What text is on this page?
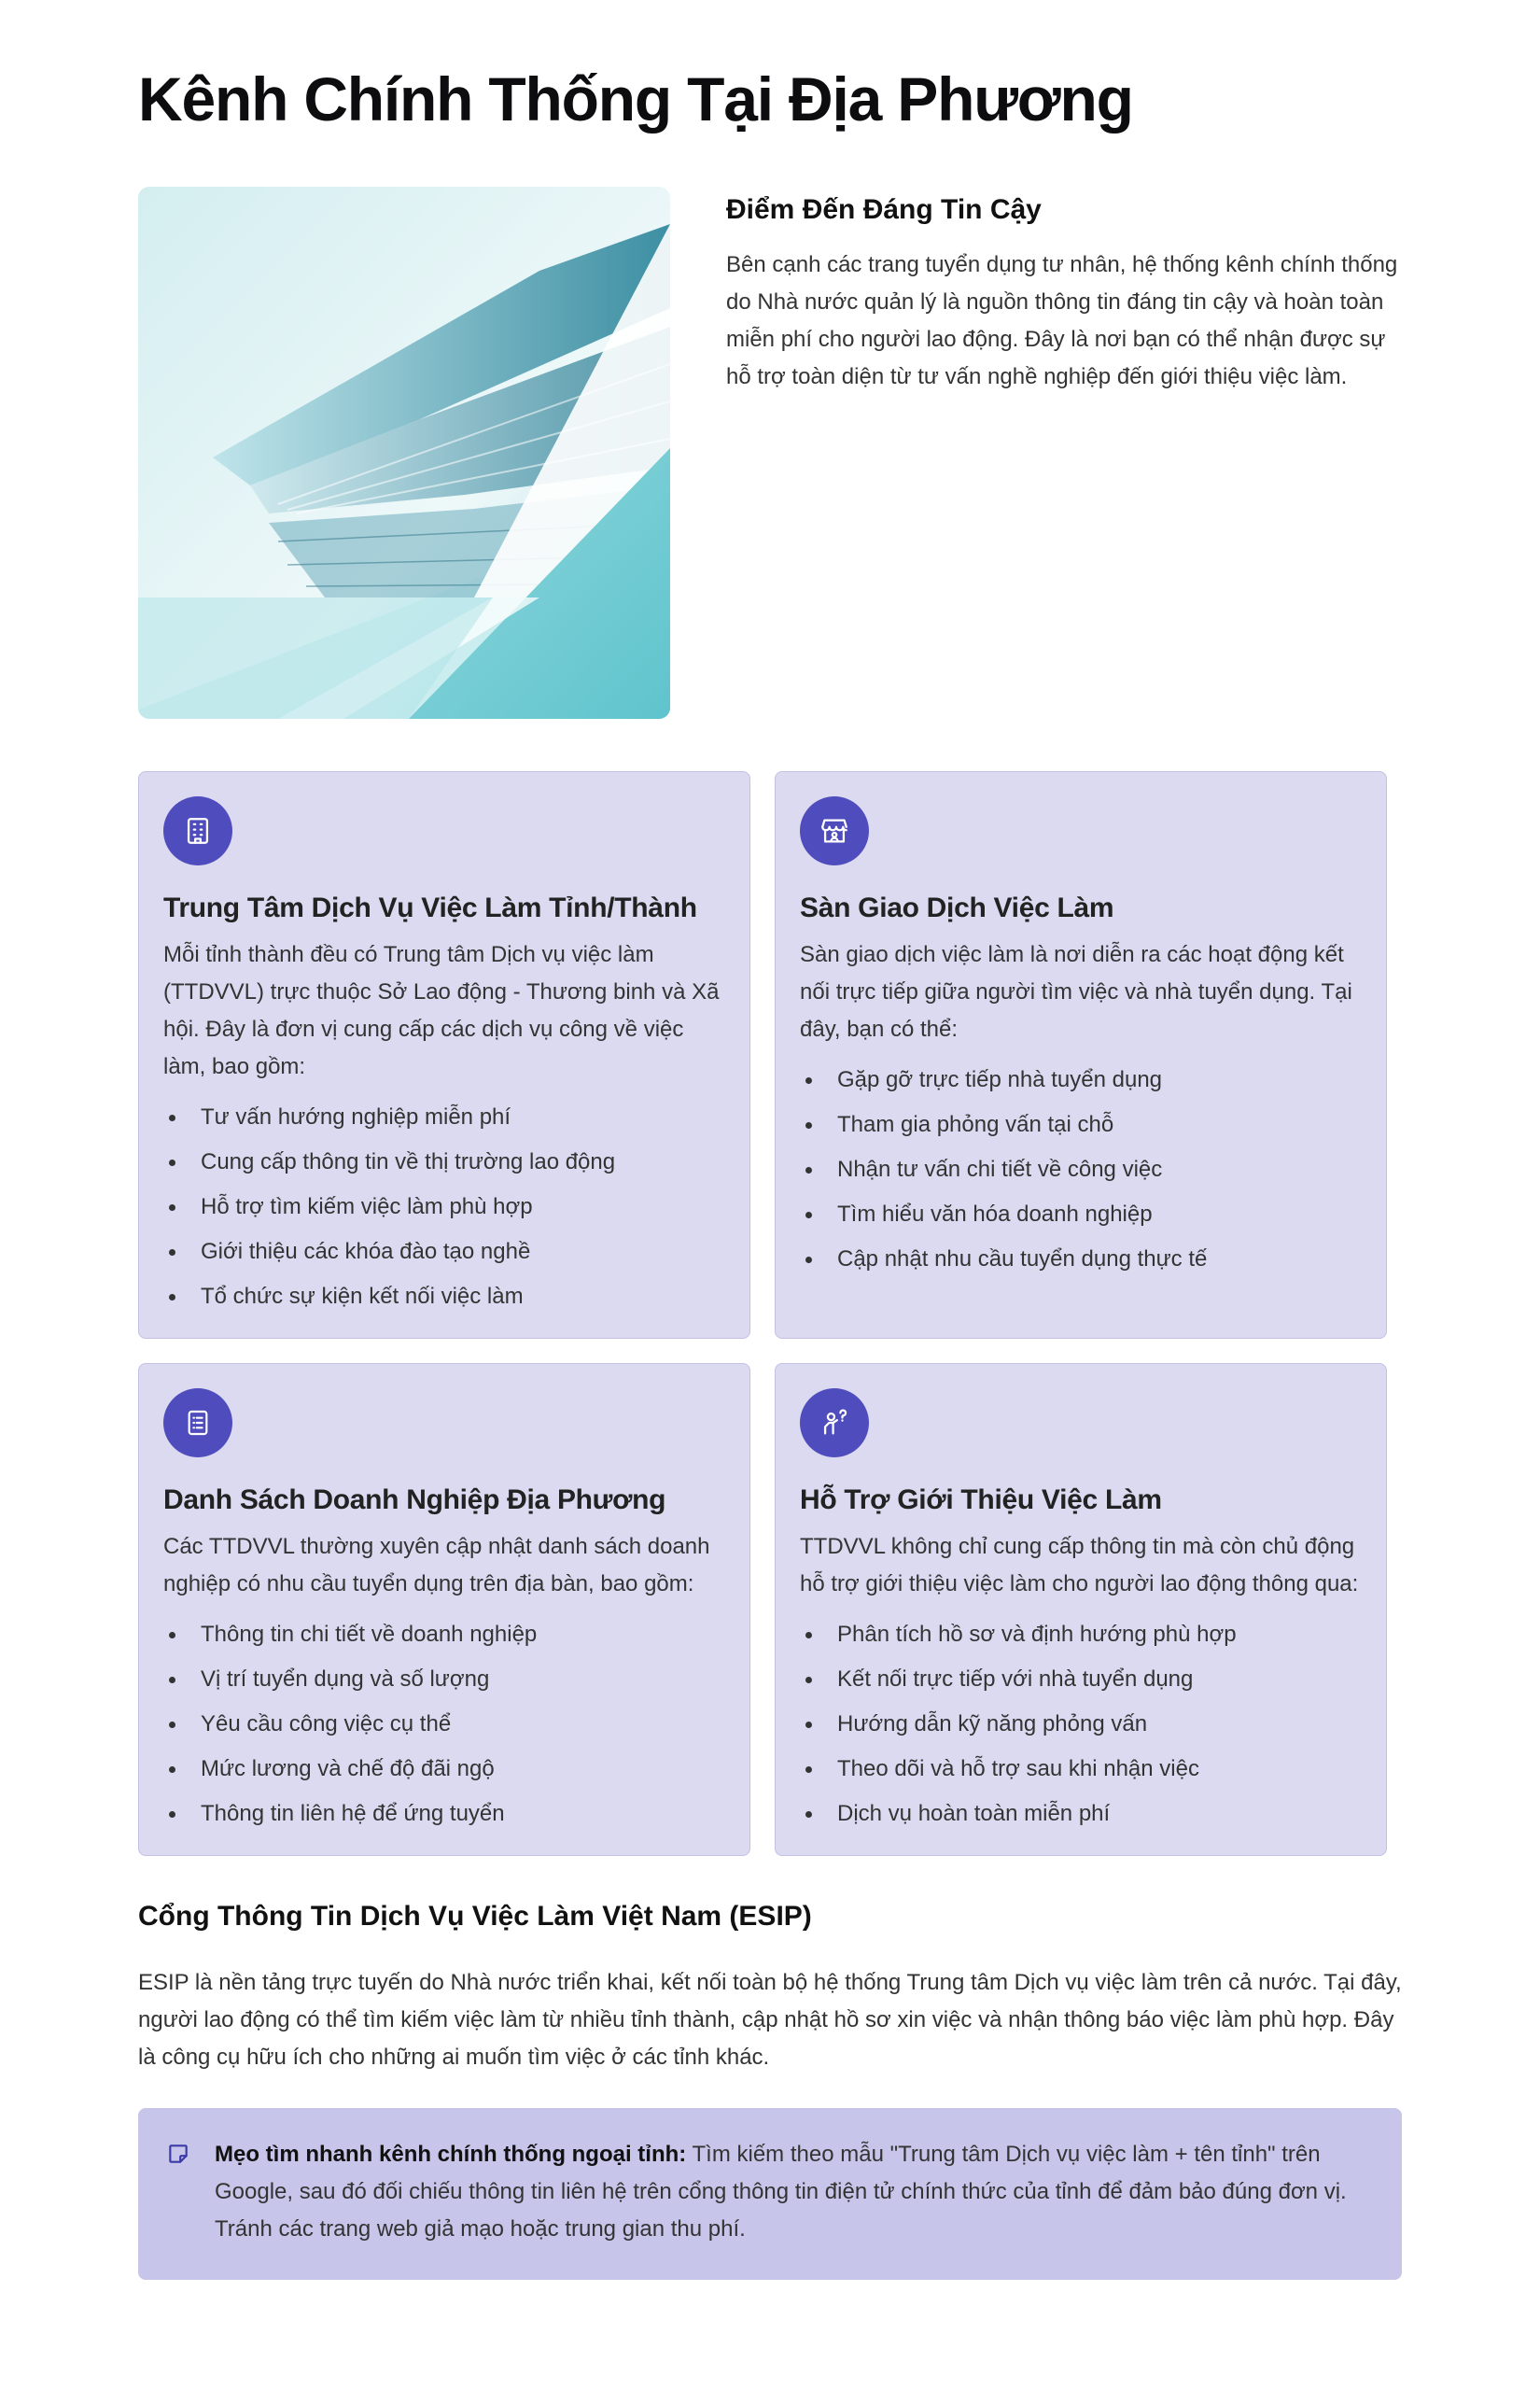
Kênh Chính Thống Tại Địa Phương
Điểm Đến Đáng Tin Cậy

Bên cạnh các trang tuyển dụng tư nhân, hệ thống kênh chính thống do Nhà nước quản lý là nguồn thông tin đáng tin cậy và hoàn toàn miễn phí cho người lao động. Đây là nơi bạn có thể nhận được sự hỗ trợ toàn diện từ tư vấn nghề nghiệp đến giới thiệu việc làm.

Trung Tâm Dịch Vụ Việc Làm Tỉnh/Thành

Mỗi tỉnh thành đều có Trung tâm Dịch vụ việc làm (TTDVVL) trực thuộc Sở Lao động - Thương binh và Xã hội. Đây là đơn vị cung cấp các dịch vụ công về việc làm, bao gồm:

Tư vấn hướng nghiệp miễn phí
Cung cấp thông tin về thị trường lao động
Hỗ trợ tìm kiếm việc làm phù hợp
Giới thiệu các khóa đào tạo nghề
Tổ chức sự kiện kết nối việc làm
Sàn Giao Dịch Việc Làm

Sàn giao dịch việc làm là nơi diễn ra các hoạt động kết nối trực tiếp giữa người tìm việc và nhà tuyển dụng. Tại đây, bạn có thể:

Gặp gỡ trực tiếp nhà tuyển dụng
Tham gia phỏng vấn tại chỗ
Nhận tư vấn chi tiết về công việc
Tìm hiểu văn hóa doanh nghiệp
Cập nhật nhu cầu tuyển dụng thực tế
Danh Sách Doanh Nghiệp Địa Phương

Các TTDVVL thường xuyên cập nhật danh sách doanh nghiệp có nhu cầu tuyển dụng trên địa bàn, bao gồm:

Thông tin chi tiết về doanh nghiệp
Vị trí tuyển dụng và số lượng
Yêu cầu công việc cụ thể
Mức lương và chế độ đãi ngộ
Thông tin liên hệ để ứng tuyển
Hỗ Trợ Giới Thiệu Việc Làm

TTDVVL không chỉ cung cấp thông tin mà còn chủ động hỗ trợ giới thiệu việc làm cho người lao động thông qua:

Phân tích hồ sơ và định hướng phù hợp
Kết nối trực tiếp với nhà tuyển dụng
Hướng dẫn kỹ năng phỏng vấn
Theo dõi và hỗ trợ sau khi nhận việc
Dịch vụ hoàn toàn miễn phí
Cổng Thông Tin Dịch Vụ Việc Làm Việt Nam (ESIP)

ESIP là nền tảng trực tuyến do Nhà nước triển khai, kết nối toàn bộ hệ thống Trung tâm Dịch vụ việc làm trên cả nước. Tại đây, người lao động có thể tìm kiếm việc làm từ nhiều tỉnh thành, cập nhật hồ sơ xin việc và nhận thông báo việc làm phù hợp. Đây là công cụ hữu ích cho những ai muốn tìm việc ở các tỉnh khác.

Mẹo tìm nhanh kênh chính thống ngoại tỉnh: Tìm kiếm theo mẫu "Trung tâm Dịch vụ việc làm + tên tỉnh" trên Google, sau đó đối chiếu thông tin liên hệ trên cổng thông tin điện tử chính thức của tỉnh để đảm bảo đúng đơn vị. Tránh các trang web giả mạo hoặc trung gian thu phí.
